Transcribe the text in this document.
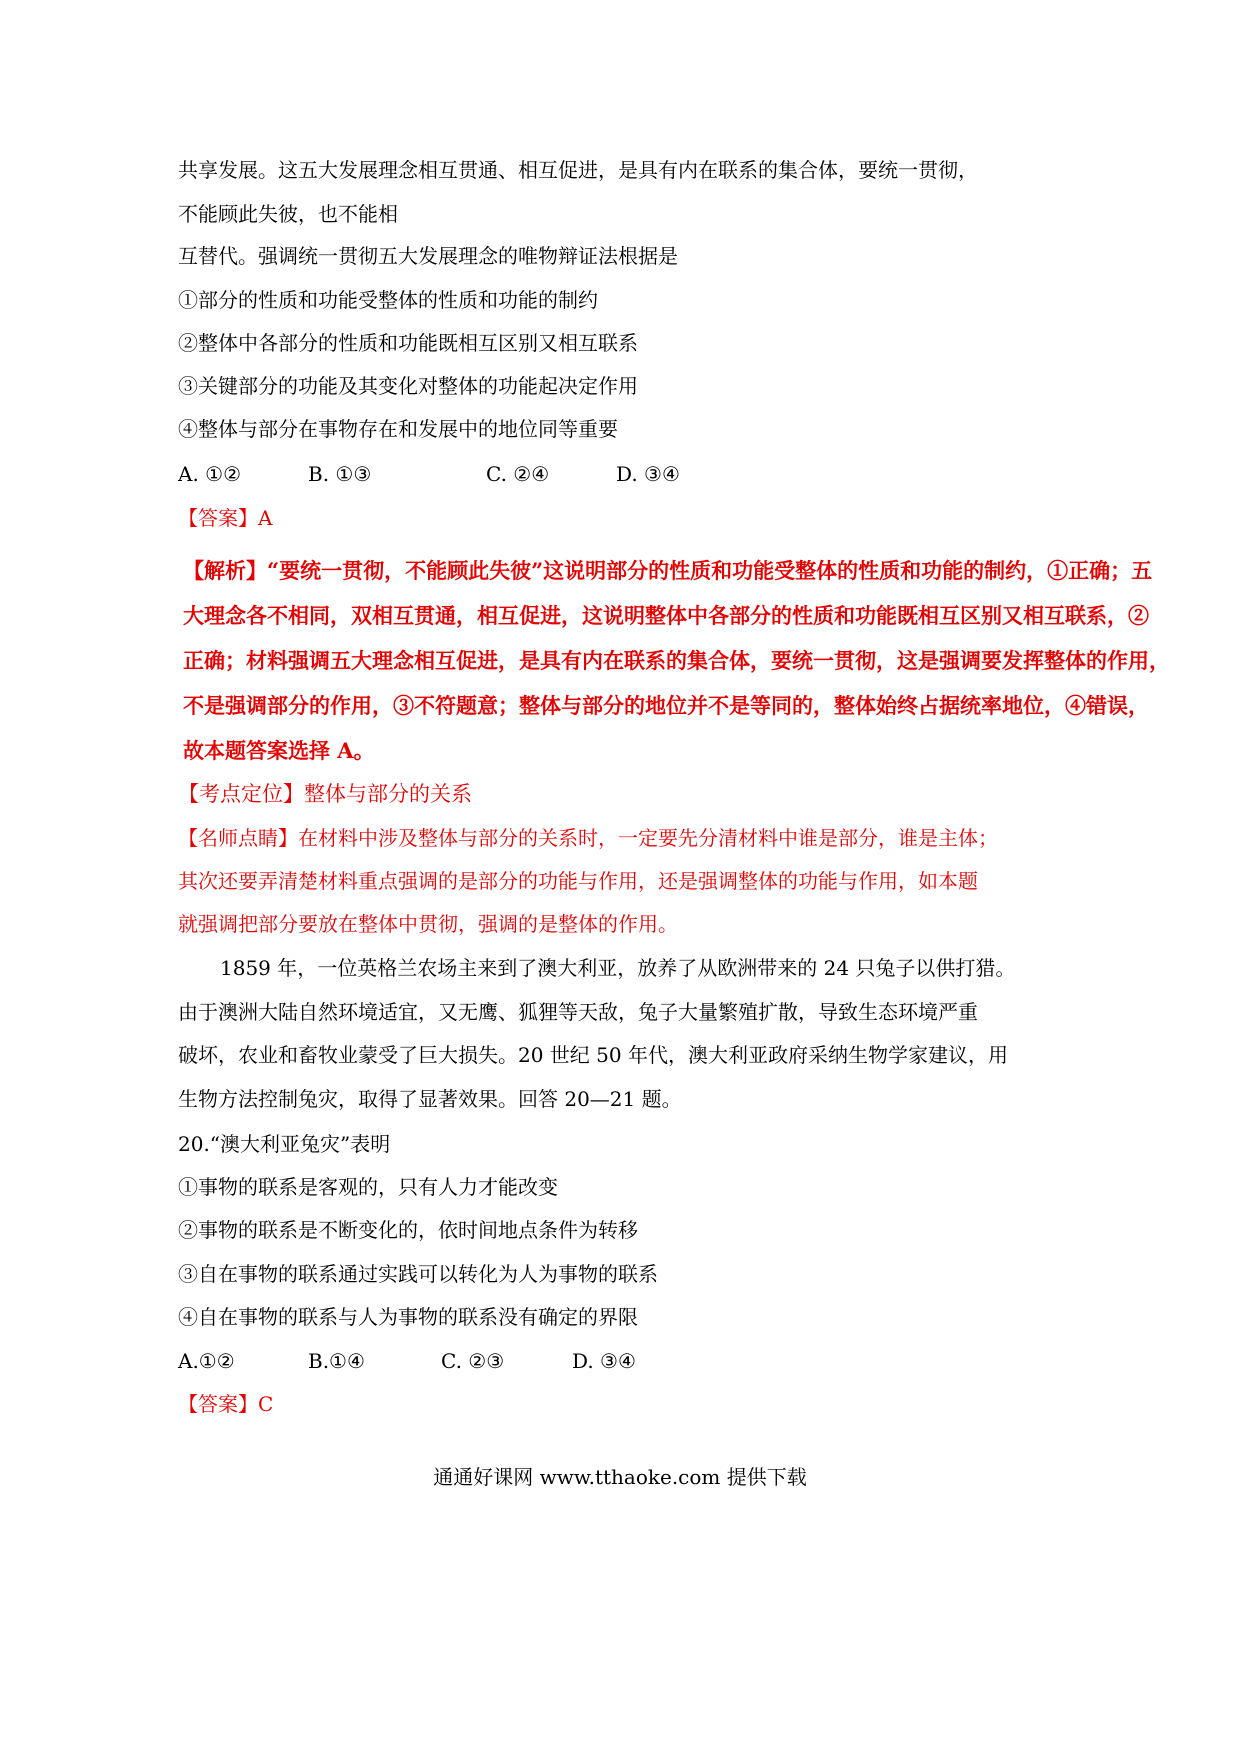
共享发展。这五大发展理念相互贯通、相互促进，是具有内在联系的集合体，要统一贯彻，
不能顾此失彼，也不能相
互替代。强调统一贯彻五大发展理念的唯物辩证法根据是
①部分的性质和功能受整体的性质和功能的制约
②整体中各部分的性质和功能既相互区别又相互联系
③关键部分的功能及其变化对整体的功能起决定作用
④整体与部分在事物存在和发展中的地位同等重要
A. ①②	B. ①③	C. ②④	D. ③④
【答案】A
【解析】“要统一贯彻，不能顾此失彼”这说明部分的性质和功能受整体的性质和功能的制约，①正确；五
大理念各不相同，双相互贯通，相互促进，这说明整体中各部分的性质和功能既相互区别又相互联系，②
正确；材料强调五大理念相互促进，是具有内在联系的集合体，要统一贯彻，这是强调要发挥整体的作用，
不是强调部分的作用，③不符题意；整体与部分的地位并不是等同的，整体始终占据统率地位，④错误，
故本题答案选择 A。
【考点定位】整体与部分的关系
【名师点睛】在材料中涉及整体与部分的关系时，一定要先分清材料中谁是部分，谁是主体；
其次还要弄清楚材料重点强调的是部分的功能与作用，还是强调整体的功能与作用，如本题
就强调把部分要放在整体中贯彻，强调的是整体的作用。
1859 年，一位英格兰农场主来到了澳大利亚，放养了从欧洲带来的 24 只兔子以供打猎。
由于澳洲大陆自然环境适宜，又无鹰、狐狸等天敌，兔子大量繁殖扩散，导致生态环境严重
破坏，农业和畜牧业蒙受了巨大损失。20 世纪 50 年代，澳大利亚政府采纳生物学家建议，用
生物方法控制兔灾，取得了显著效果。回答 20—21 题。
20.“澳大利亚兔灾”表明
①事物的联系是客观的，只有人力才能改变
②事物的联系是不断变化的，依时间地点条件为转移
③自在事物的联系通过实践可以转化为人为事物的联系
④自在事物的联系与人为事物的联系没有确定的界限
A.①②	B.①④	C. ②③	D. ③④
【答案】C
通通好课网 www.tthaoke.com 提供下载
